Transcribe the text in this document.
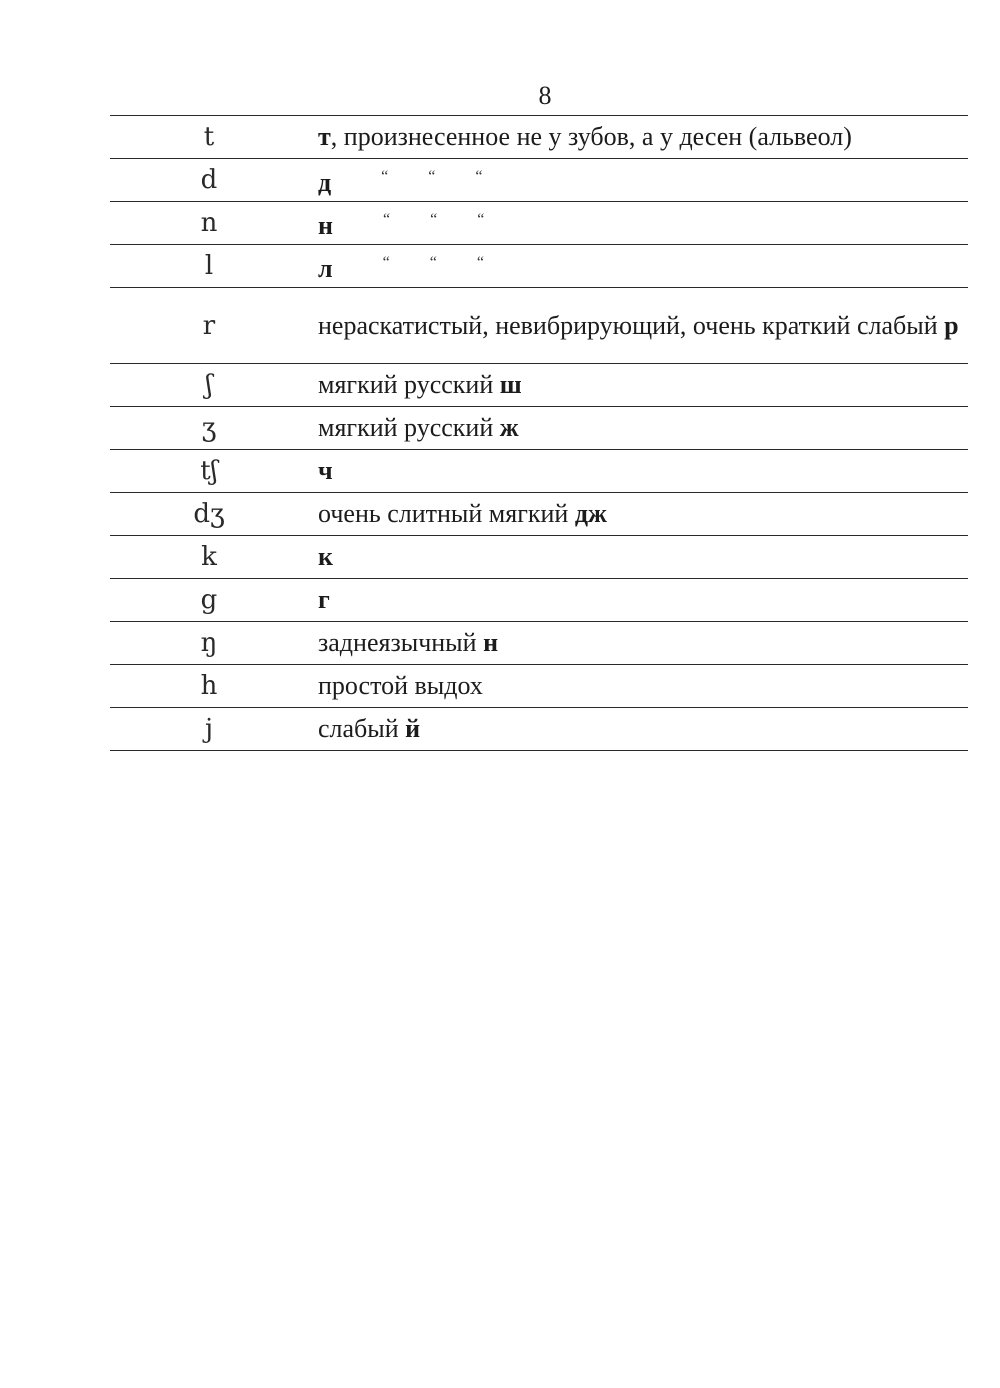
8
t	т, произнесенное не у зубов, а у десен (альвеол)
d	д	“	“	“
n	н	“	“	“
l	л	“	“	“
r	нераскатистый, невибрирующий, очень краткий слабый р
ʃ	мягкий русский ш
ʒ	мягкий русский ж
tʃ	ч
dʒ	очень слитный мягкий дж
k	к
g	г
ŋ	заднеязычный н
h	простой выдох
j	слабый й
